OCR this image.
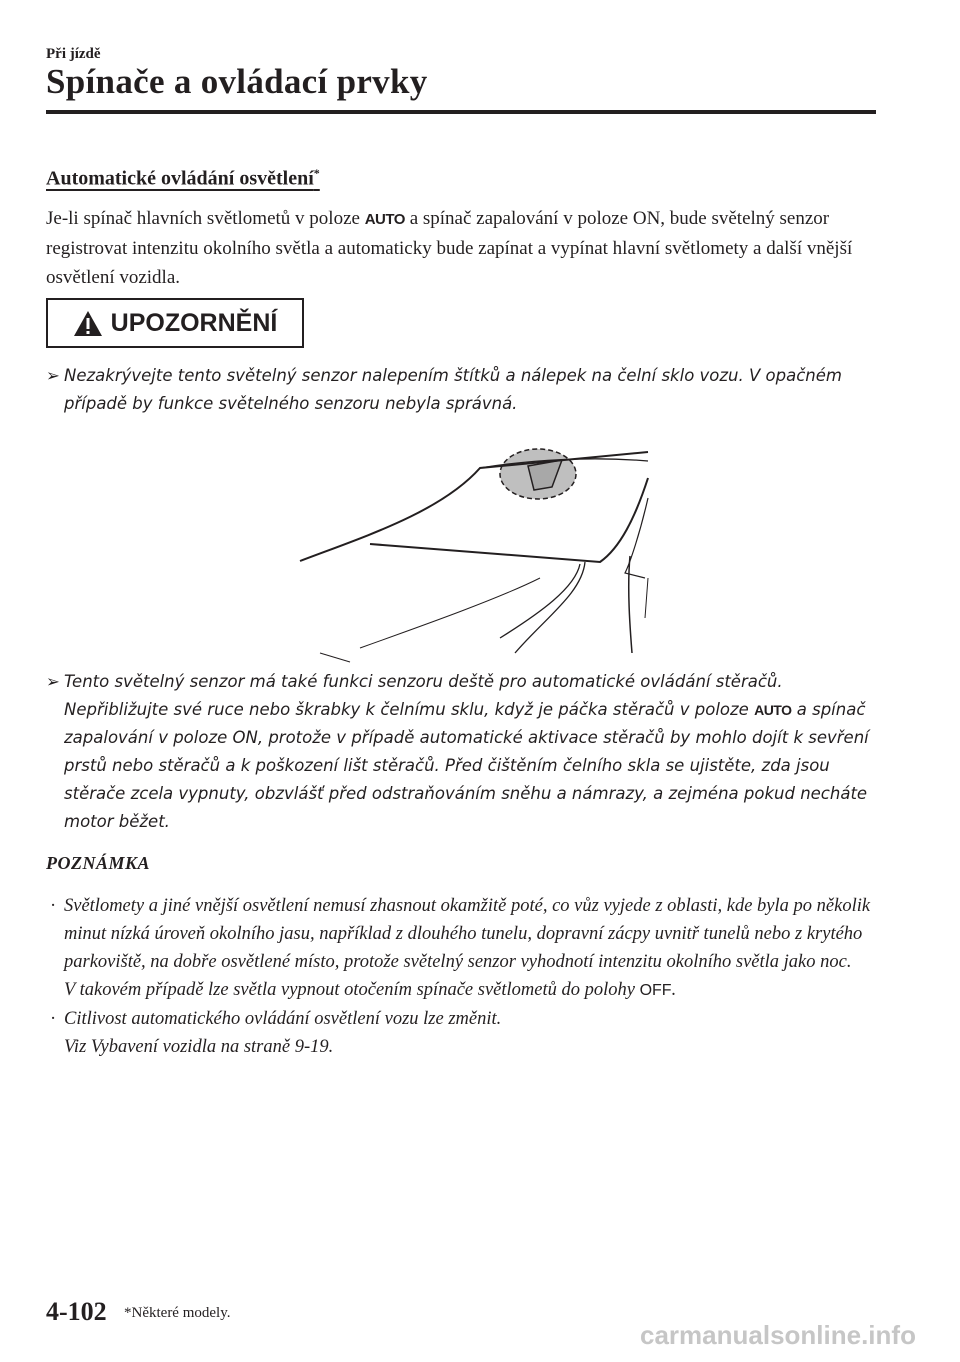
Při jízdě
Spínače a ovládací prvky
Automatické ovládání osvětlení*
Je-li spínač hlavních světlometů v poloze AUTO a spínač zapalování v poloze ON, bude světelný senzor registrovat intenzitu okolního světla a automaticky bude zapínat a vypínat hlavní světlomety a další vnější osvětlení vozidla.
UPOZORNĚNÍ
➢ Nezakrývejte tento světelný senzor nalepením štítků a nálepek na čelní sklo vozu. V opačném případě by funkce světelného senzoru nebyla správná.
➢ Tento světelný senzor má také funkci senzoru deště pro automatické ovládání stěračů. Nepřibližujte své ruce nebo škrabky k čelnímu sklu, když je páčka stěračů v poloze AUTO a spínač zapalování v poloze ON, protože v případě automatické aktivace stěračů by mohlo dojít k sevření prstů nebo stěračů a k poškození lišt stěračů. Před čištěním čelního skla se ujistěte, zda jsou stěrače zcela vypnuty, obzvlášť před odstraňováním sněhu a námrazy, a zejména pokud necháte motor běžet.
POZNÁMKA
· Světlomety a jiné vnější osvětlení nemusí zhasnout okamžitě poté, co vůz vyjede z oblasti, kde byla po několik minut nízká úroveň okolního jasu, například z dlouhého tunelu, dopravní zácpy uvnitř tunelů nebo z krytého parkoviště, na dobře osvětlené místo, protože světelný senzor vyhodnotí intenzitu okolního světla jako noc.
V takovém případě lze světla vypnout otočením spínače světlometů do polohy OFF.
· Citlivost automatického ovládání osvětlení vozu lze změnit.
Viz Vybavení vozidla na straně 9-19.
4-102 *Některé modely.
carmanualsonline.info
